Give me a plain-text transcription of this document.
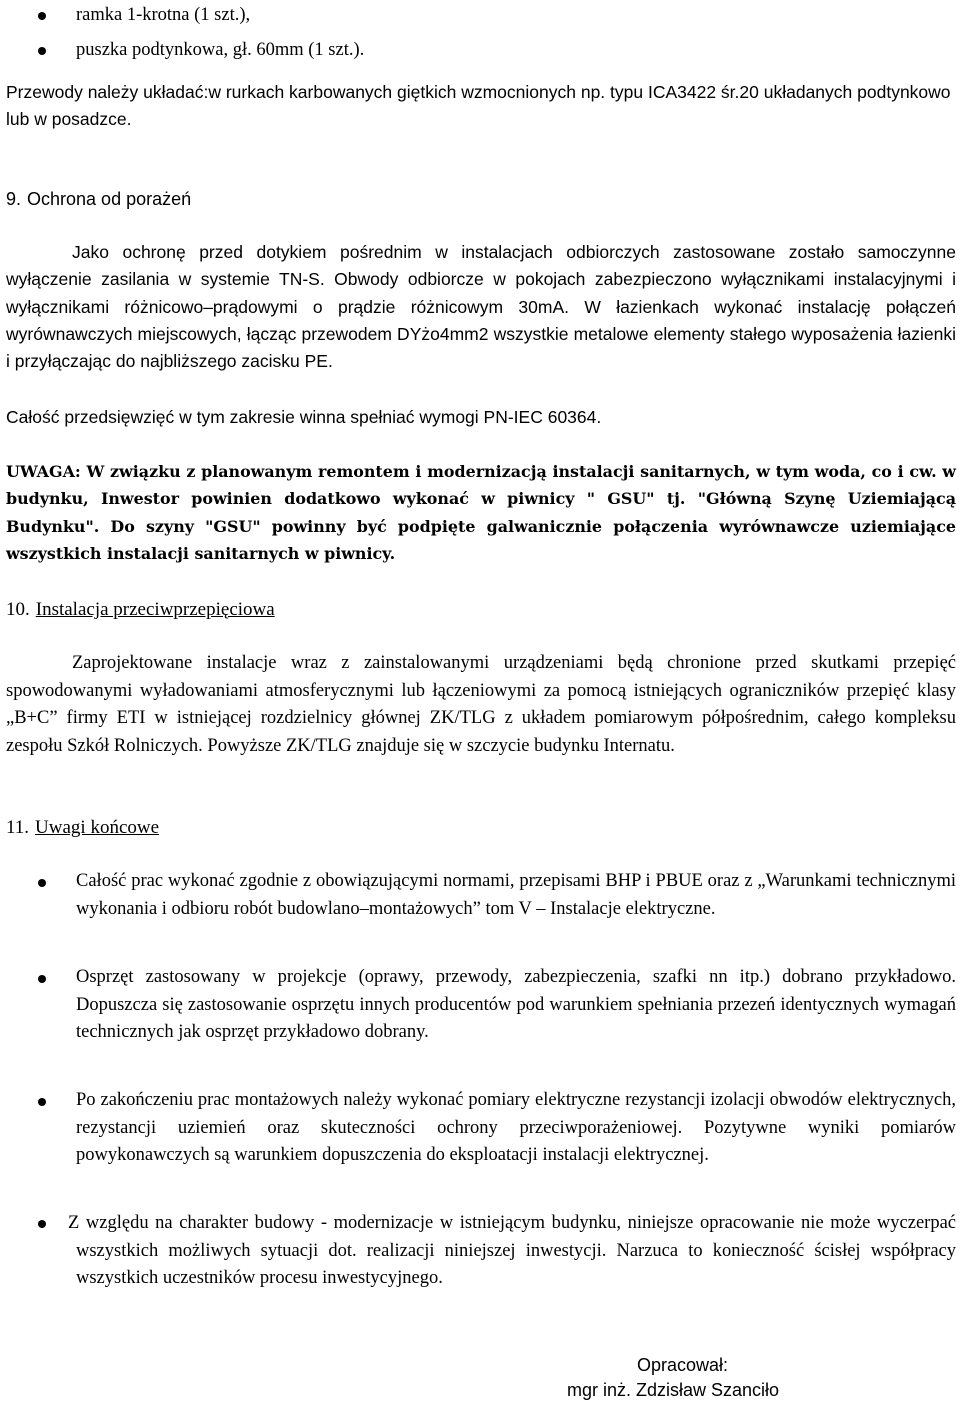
ramka 1-krotna (1 szt.),
puszka podtynkowa, gł. 60mm (1 szt.).
Przewody należy układać:w rurkach karbowanych giętkich wzmocnionych np. typu ICA3422 śr.20 układanych podtynkowo lub w posadzce.
9. Ochrona od porażeń
Jako ochronę przed dotykiem pośrednim w instalacjach odbiorczych zastosowane zostało samoczynne wyłączenie zasilania w systemie TN-S. Obwody odbiorcze w pokojach zabezpieczono wyłącznikami instalacyjnymi i wyłącznikami różnicowo–prądowymi o prądzie różnicowym 30mA. W łazienkach wykonać instalację połączeń wyrównawczych miejscowych, łącząc przewodem DYżo4mm2 wszystkie metalowe elementy stałego wyposażenia łazienki i przyłączając do najbliższego zacisku PE.
Całość przedsięwzięć w tym zakresie winna spełniać wymogi PN-IEC 60364.
UWAGA: W związku z planowanym remontem i modernizacją instalacji sanitarnych, w tym woda, co i cw. w budynku, Inwestor powinien dodatkowo wykonać w piwnicy " GSU" tj. "Główną Szynę Uziemiającą Budynku". Do szyny "GSU" powinny być podpięte galwanicznie połączenia wyrównawcze uziemiające wszystkich instalacji sanitarnych w piwnicy.
10. Instalacja przeciwprzepięciowa
Zaprojektowane instalacje wraz z zainstalowanymi urządzeniami będą chronione przed skutkami przepięć spowodowanymi wyładowaniami atmosferycznymi lub łączeniowymi za pomocą istniejących ograniczników przepięć klasy „B+C” firmy ETI w istniejącej rozdzielnicy głównej ZK/TLG z układem pomiarowym półpośrednim, całego kompleksu zespołu Szkół Rolniczych. Powyższe ZK/TLG znajduje się w szczycie budynku Internatu.
11. Uwagi końcowe
Całość prac wykonać zgodnie z obowiązującymi normami, przepisami BHP i PBUE oraz z „Warunkami technicznymi wykonania i odbioru robót budowlano–montażowych” tom V – Instalacje elektryczne.
Osprzęt zastosowany w projekcje (oprawy, przewody, zabezpieczenia, szafki nn itp.) dobrano przykładowo. Dopuszcza się zastosowanie osprzętu innych producentów pod warunkiem spełniania przezeń identycznych wymagań technicznych jak osprzęt przykładowo dobrany.
Po zakończeniu prac montażowych należy wykonać pomiary elektryczne rezystancji izolacji obwodów elektrycznych, rezystancji uziemień oraz skuteczności ochrony przeciwporażeniowej. Pozytywne wyniki pomiarów powykonawczych są warunkiem dopuszczenia do eksploatacji instalacji elektrycznej.
Z względu na charakter budowy - modernizacje w istniejącym budynku, niniejsze opracowanie nie może wyczerpać wszystkich możliwych sytuacji dot. realizacji niniejszej inwestycji. Narzuca to konieczność ścisłej współpracy wszystkich uczestników procesu inwestycyjnego.
Opracował:
mgr inż. Zdzisław Szanciło
